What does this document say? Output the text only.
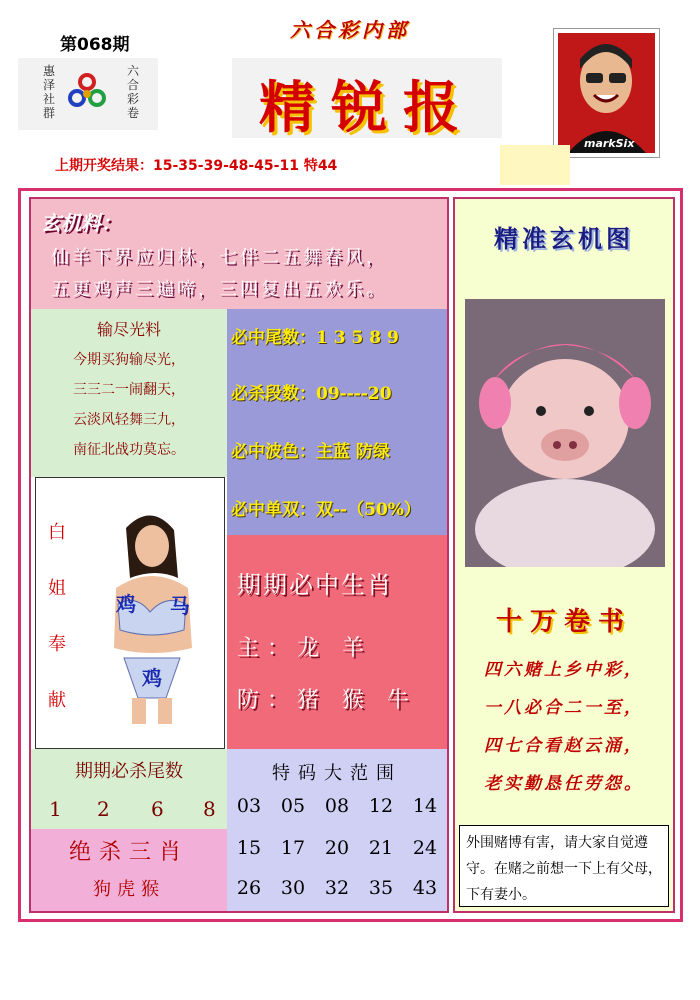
第068期
惠泽社群
六合彩卷
六合彩内部
精锐报
markSix
上期开奖结果：15-35-39-48-45-11 特44
玄机料：
仙羊下界应归林，七伴二五舞春风，
五更鸡声三遍啼，三四复出五欢乐。
输尽光料
今期买狗输尽光，
三三二一闹翻天，
云淡风轻舞三九，
南征北战功莫忘。
必中尾数：1 3 5 8 9
必杀段数：09----20
必中波色：主蓝 防绿
必中单双：双--（50%）
白
姐
奉
献
鸡 马
鸡
期期必中生肖
主：龙 羊
防：猪 猴 牛
期期必杀尾数
1 2 6 8
绝杀三肖
狗虎猴
特码大范围
03 05 08 12 14
15 17 20 21 24
26 30 32 35 43
精准玄机图
十万卷书
四六赌上乡中彩，
一八必合二一至，
四七合看赵云涌，
老实勤恳任劳怨。
外围赌博有害，请大家自觉遵守。在赌之前想一下上有父母，下有妻小。
